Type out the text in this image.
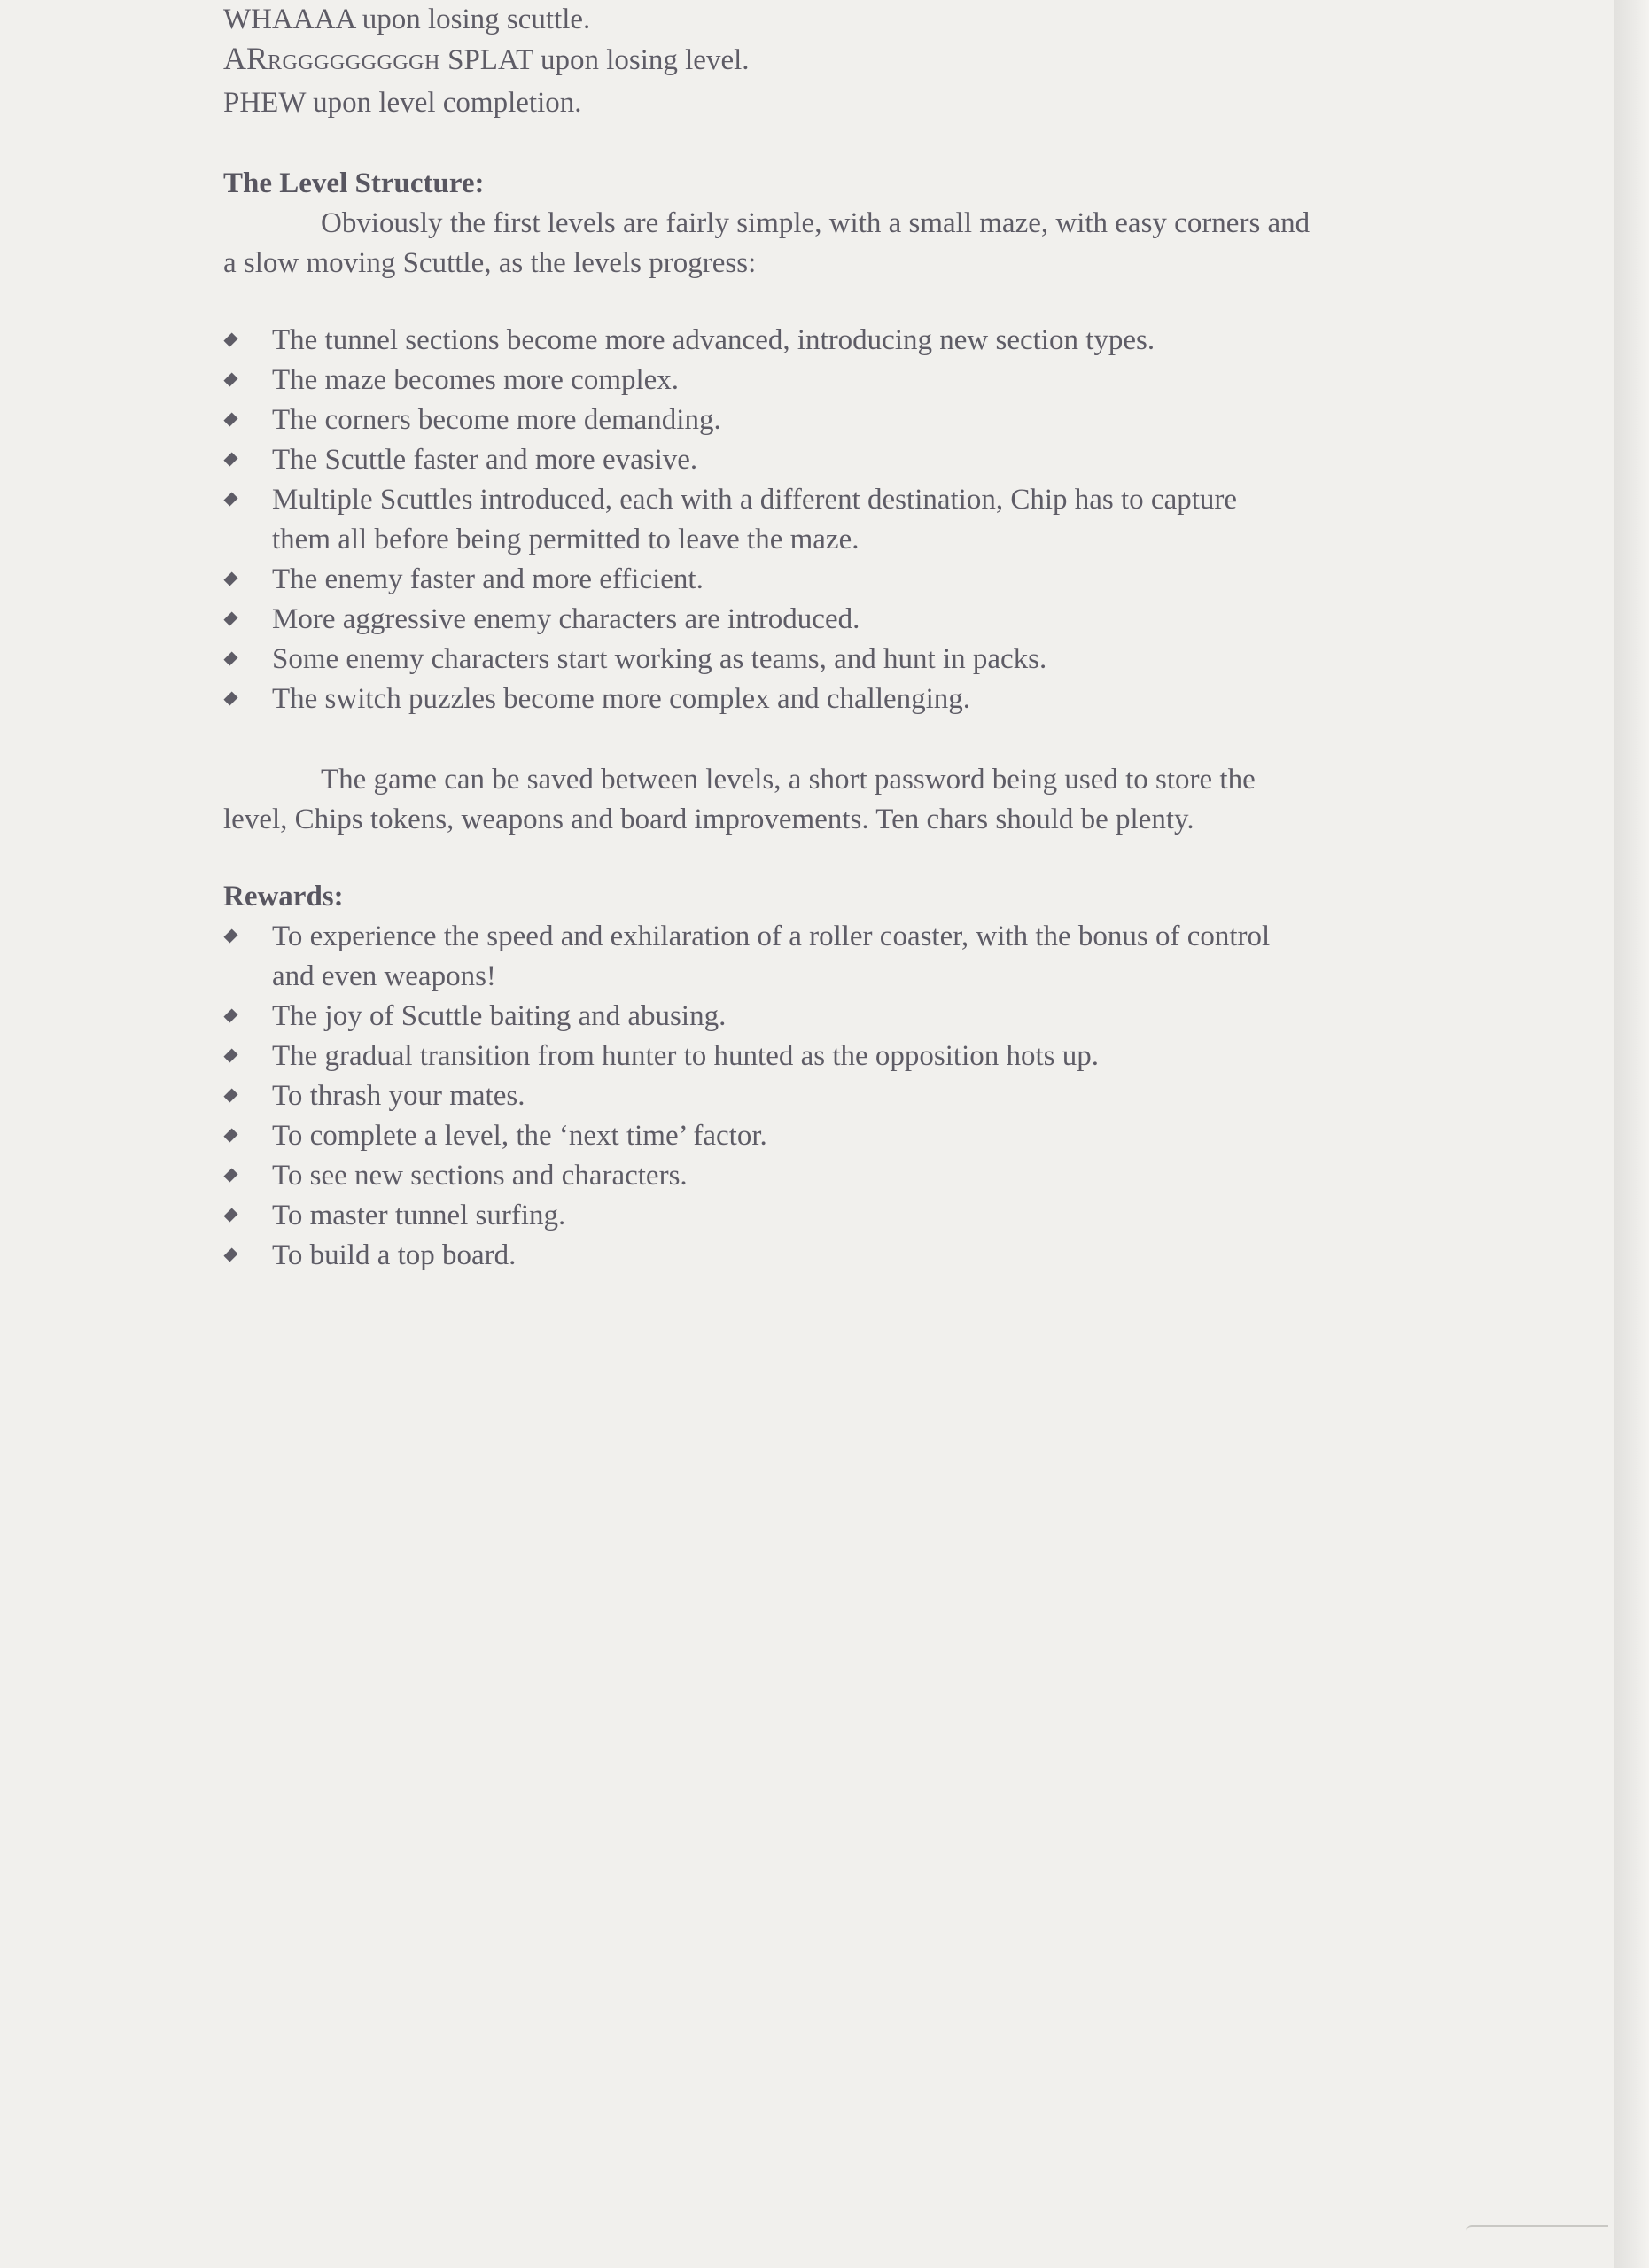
WHAAAA upon losing scuttle.

ARRGGGGGGGGGH SPLAT upon losing level.

PHEW upon level completion.

The Level Structure:

Obviously the first levels are fairly simple, with a small maze, with easy corners and

a slow moving Scuttle, as the levels progress:

The tunnel sections become more advanced, introducing new section types.
The maze becomes more complex.
The corners become more demanding.
The Scuttle faster and more evasive.
Multiple Scuttles introduced, each with a different destination, Chip has to capture
them all before being permitted to leave the maze.
The enemy faster and more efficient.
More aggressive enemy characters are introduced.
Some enemy characters start working as teams, and hunt in packs.
The switch puzzles become more complex and challenging.

The game can be saved between levels, a short password being used to store the

level, Chips tokens, weapons and board improvements. Ten chars should be plenty.

Rewards:

To experience the speed and exhilaration of a roller coaster, with the bonus of control
and even weapons!
The joy of Scuttle baiting and abusing.
The gradual transition from hunter to hunted as the opposition hots up.
To thrash your mates.
To complete a level, the ‘next time’ factor.
To see new sections and characters.
To master tunnel surfing.
To build a top board.
